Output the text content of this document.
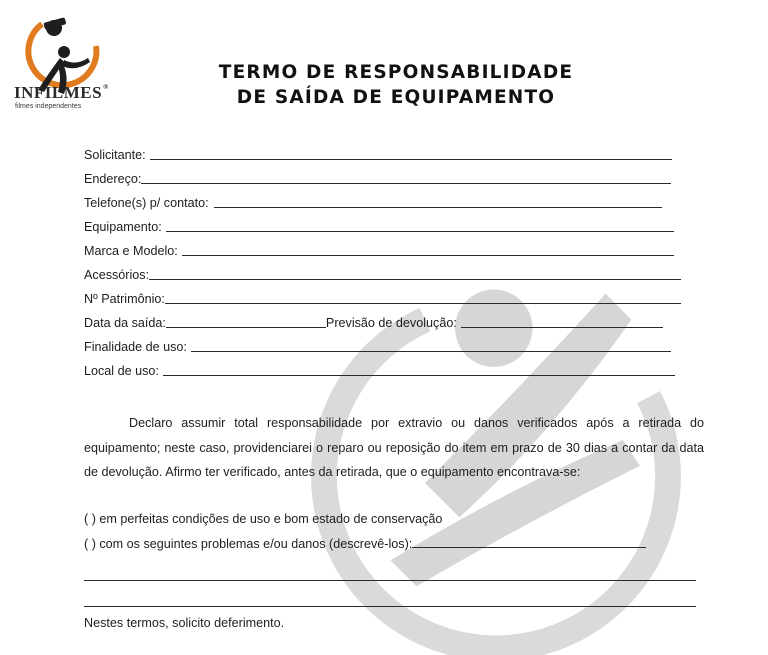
INFILMES®
filmes independentes
TERMO DE RESPONSABILIDADE
DE SAÍDA DE EQUIPAMENTO
Solicitante:
Endereço:
Telefone(s) p/ contato:
Equipamento:
Marca e Modelo:
Acessórios:
Nº Patrimônio:
Data da saída:	Previsão de devolução:
Finalidade de uso:
Local de uso:
Declaro assumir total responsabilidade por extravio ou danos verificados após a retirada do equipamento; neste caso, providenciarei o reparo ou reposição do item em prazo de 30 dias a contar da data de devolução. Afirmo ter verificado, antes da retirada, que o equipamento encontrava-se:
( ) em perfeitas condições de uso e bom estado de conservação
( ) com os seguintes problemas e/ou danos (descrevê-los):
Nestes termos, solicito deferimento.
